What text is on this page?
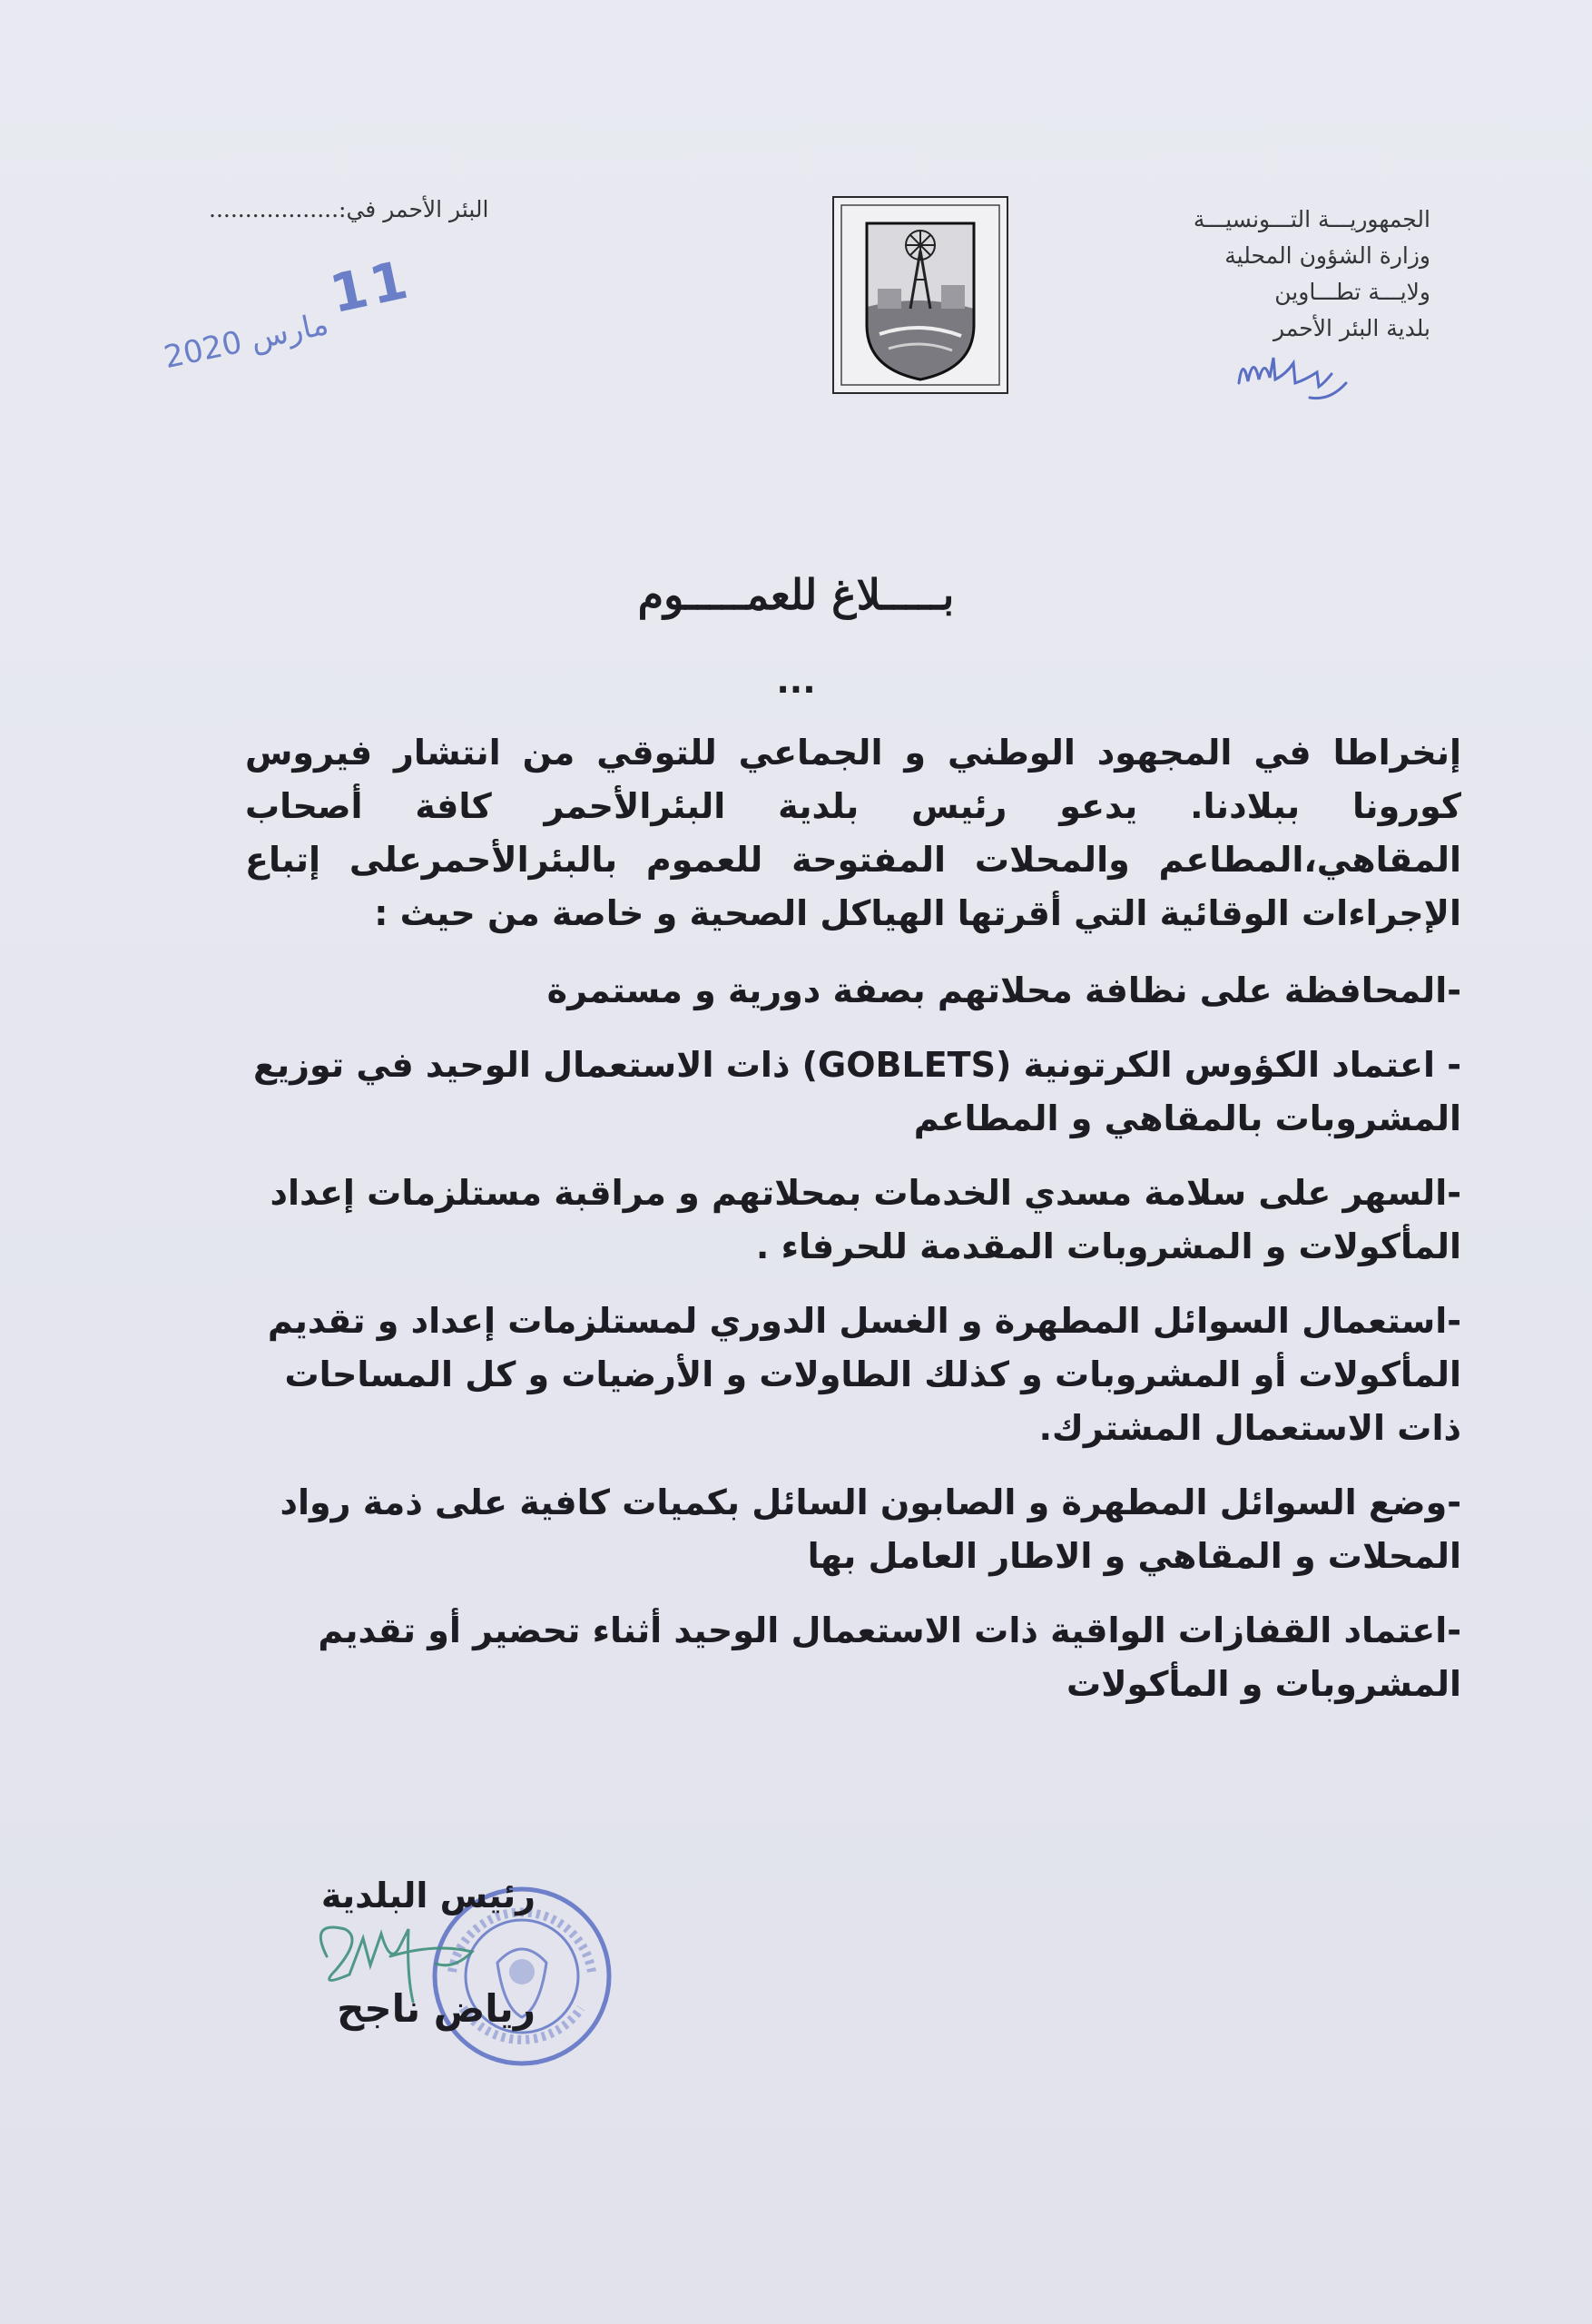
الجمهوريـــة التـــونسيـــة
وزارة الشؤون المحلية
ولايـــة تطـــاوين
بلدية البئر الأحمر
البئر الأحمر في:..................
11
مارس 2020
بـــــلاغ للعمـــــوم
...

إنخراطا في المجهود الوطني و الجماعي للتوقي من انتشار فيروس كورونا ببلادنا. يدعو رئيس بلدية البئرالأحمر كافة أصحاب المقاهي،المطاعم والمحلات المفتوحة للعموم بالبئرالأحمرعلى إتباع الإجراءات الوقائية التي أقرتها الهياكل الصحية و خاصة من حيث :

-المحافظة على نظافة محلاتهم بصفة دورية و مستمرة

- اعتماد الكؤوس الكرتونية (GOBLETS) ذات الاستعمال الوحيد في توزيع المشروبات بالمقاهي و المطاعم

-السهر على سلامة مسدي الخدمات بمحلاتهم و مراقبة مستلزمات إعداد المأكولات و المشروبات المقدمة للحرفاء .

-استعمال السوائل المطهرة و الغسل الدوري لمستلزمات إعداد و تقديم المأكولات أو المشروبات و كذلك الطاولات و الأرضيات و كل المساحات ذات الاستعمال المشترك.

-وضع السوائل المطهرة و الصابون السائل بكميات كافية على ذمة رواد المحلات و المقاهي و الاطار العامل بها

-اعتماد القفازات الواقية ذات الاستعمال الوحيد أثناء تحضير أو تقديم المشروبات و المأكولات

رئيس البلدية
رياض ناجح
